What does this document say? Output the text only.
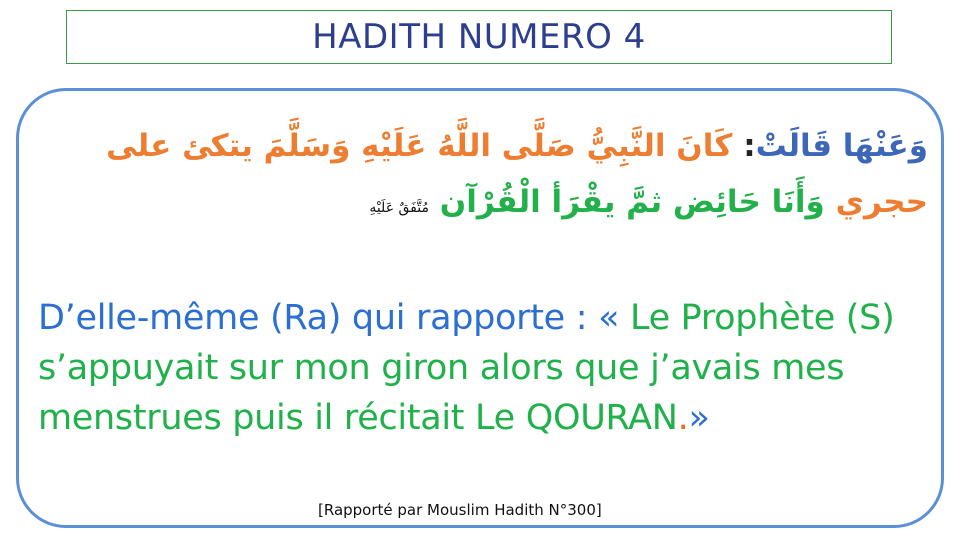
HADITH NUMERO 4
وَعَنْهَا قَالَتْ: كَانَ النَّبِيُّ صَلَّى اللَّهُ عَلَيْهِ وَسَلَّمَ يتكئ على حجري وَأَنَا حَائِض ثمَّ يقْرَأ الْقُرْآن مُتَّفَقٌ عَلَيْهِ
D’elle-même (Ra) qui rapporte : « Le Prophète (S) s’appuyait sur mon giron alors que j’avais mes menstrues puis il récitait Le QOURAN.»
[Rapporté par Mouslim Hadith N°300]
